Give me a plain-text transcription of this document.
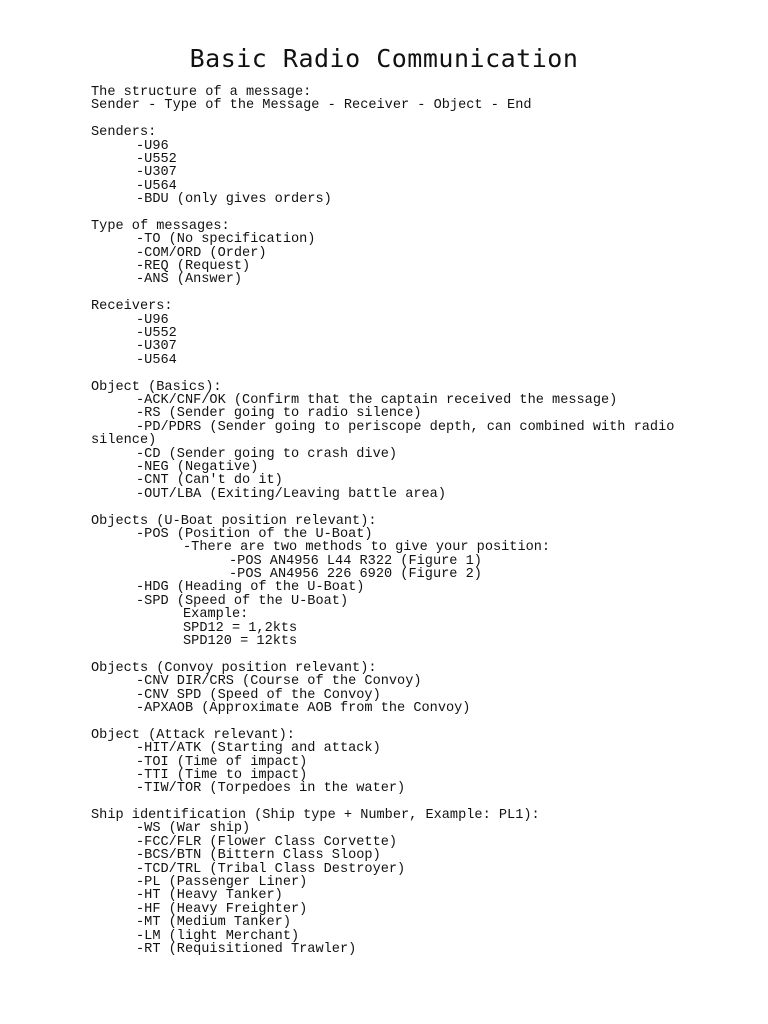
Basic Radio Communication
The structure of a message:
Sender - Type of the Message - Receiver - Object - End
Senders:
-U96
-U552
-U307
-U564
-BDU (only gives orders)
Type of messages:
-TO (No specification)
-COM/ORD (Order)
-REQ (Request)
-ANS (Answer)
Receivers:
-U96
-U552
-U307
-U564
Object (Basics):
-ACK/CNF/OK (Confirm that the captain received the message)
-RS (Sender going to radio silence)
-PD/PDRS (Sender going to periscope depth, can combined with radio
silence)
-CD (Sender going to crash dive)
-NEG (Negative)
-CNT (Can't do it)
-OUT/LBA (Exiting/Leaving battle area)
Objects (U-Boat position relevant):
-POS (Position of the U-Boat)
-There are two methods to give your position:
-POS AN4956 L44 R322 (Figure 1)
-POS AN4956 226 6920 (Figure 2)
-HDG (Heading of the U-Boat)
-SPD (Speed of the U-Boat)
Example:
SPD12 = 1,2kts
SPD120 = 12kts
Objects (Convoy position relevant):
-CNV DIR/CRS (Course of the Convoy)
-CNV SPD (Speed of the Convoy)
-APXAOB (Approximate AOB from the Convoy)
Object (Attack relevant):
-HIT/ATK (Starting and attack)
-TOI (Time of impact)
-TTI (Time to impact)
-TIW/TOR (Torpedoes in the water)
Ship identification (Ship type + Number, Example: PL1):
-WS (War ship)
-FCC/FLR (Flower Class Corvette)
-BCS/BTN (Bittern Class Sloop)
-TCD/TRL (Tribal Class Destroyer)
-PL (Passenger Liner)
-HT (Heavy Tanker)
-HF (Heavy Freighter)
-MT (Medium Tanker)
-LM (light Merchant)
-RT (Requisitioned Trawler)
